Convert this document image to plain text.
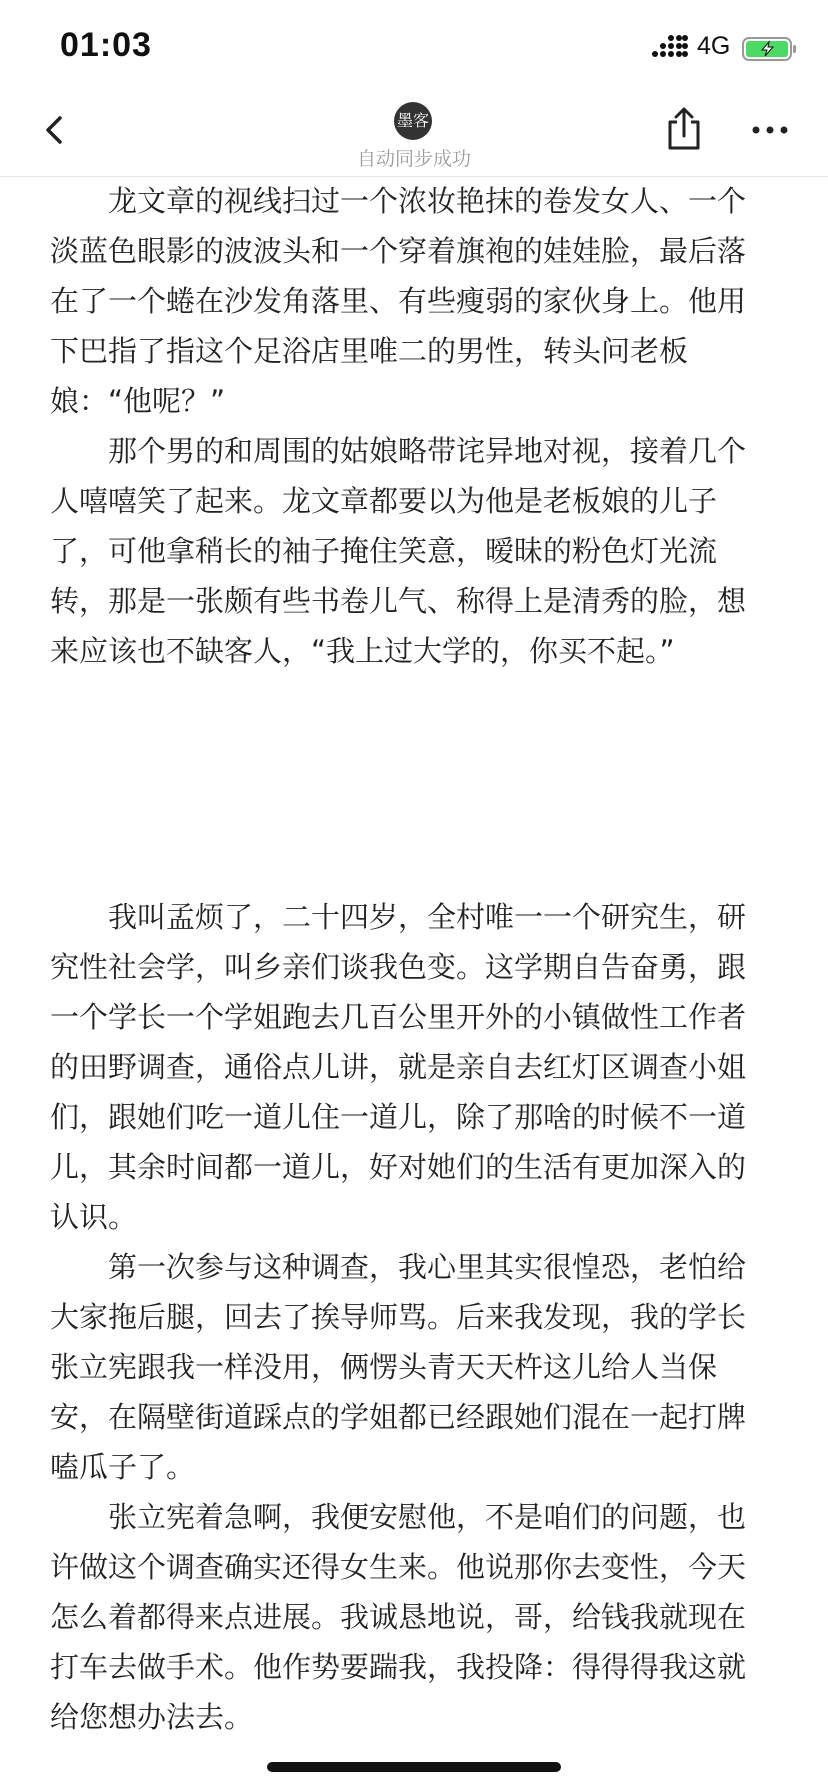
01:03	4G
墨客
自动同步成功

龙文章的视线扫过一个浓妆艳抹的卷发女人、一个淡蓝色眼影的波波头和一个穿着旗袍的娃娃脸，最后落在了一个蜷在沙发角落里、有些瘦弱的家伙身上。他用下巴指了指这个足浴店里唯二的男性，转头问老板娘：“他呢？”

那个男的和周围的姑娘略带诧异地对视，接着几个人嘻嘻笑了起来。龙文章都要以为他是老板娘的儿子了，可他拿稍长的袖子掩住笑意，暧昧的粉色灯光流转，那是一张颇有些书卷儿气、称得上是清秀的脸，想来应该也不缺客人，“我上过大学的，你买不起。”

我叫孟烦了，二十四岁，全村唯一一个研究生，研究性社会学，叫乡亲们谈我色变。这学期自告奋勇，跟一个学长一个学姐跑去几百公里开外的小镇做性工作者的田野调查，通俗点儿讲，就是亲自去红灯区调查小姐们，跟她们吃一道儿住一道儿，除了那啥的时候不一道儿，其余时间都一道儿，好对她们的生活有更加深入的认识。

第一次参与这种调查，我心里其实很惶恐，老怕给大家拖后腿，回去了挨导师骂。后来我发现，我的学长张立宪跟我一样没用，俩愣头青天天杵这儿给人当保安，在隔壁街道踩点的学姐都已经跟她们混在一起打牌嗑瓜子了。

张立宪着急啊，我便安慰他，不是咱们的问题，也许做这个调查确实还得女生来。他说那你去变性，今天怎么着都得来点进展。我诚恳地说，哥，给钱我就现在打车去做手术。他作势要踹我，我投降：得得得我这就给您想办法去。
